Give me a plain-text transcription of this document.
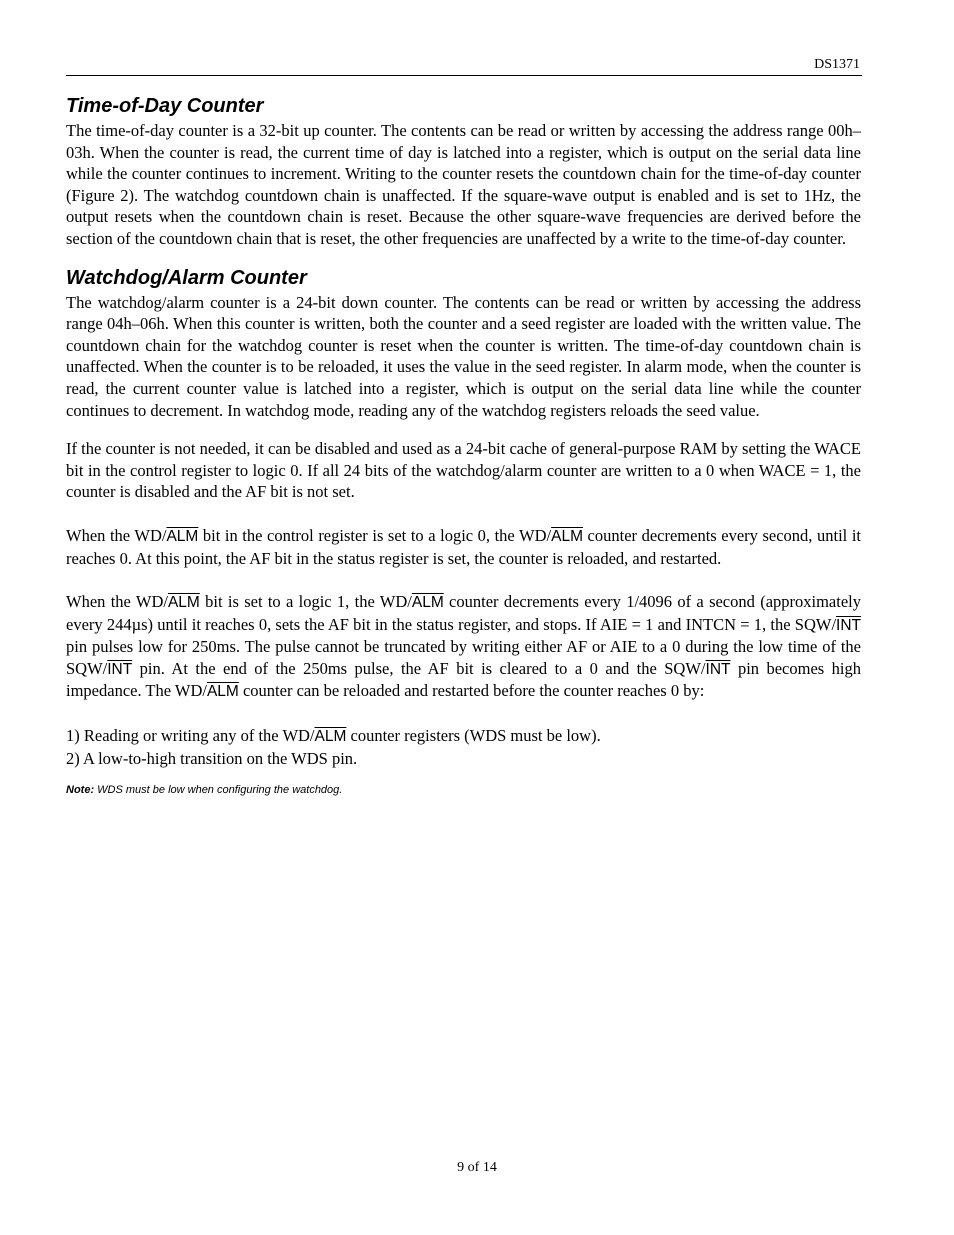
DS1371
Time-of-Day Counter

The time-of-day counter is a 32-bit up counter. The contents can be read or written by accessing the address range 00h–03h. When the counter is read, the current time of day is latched into a register, which is output on the serial data line while the counter continues to increment. Writing to the counter resets the countdown chain for the time-of-day counter (Figure 2). The watchdog countdown chain is unaffected. If the square-wave output is enabled and is set to 1Hz, the output resets when the countdown chain is reset. Because the other square-wave frequencies are derived before the section of the countdown chain that is reset, the other frequencies are unaffected by a write to the time-of-day counter.

Watchdog/Alarm Counter

The watchdog/alarm counter is a 24-bit down counter. The contents can be read or written by accessing the address range 04h–06h. When this counter is written, both the counter and a seed register are loaded with the written value. The countdown chain for the watchdog counter is reset when the counter is written. The time-of-day countdown chain is unaffected. When the counter is to be reloaded, it uses the value in the seed register. In alarm mode, when the counter is read, the current counter value is latched into a register, which is output on the serial data line while the counter continues to decrement. In watchdog mode, reading any of the watchdog registers reloads the seed value.

If the counter is not needed, it can be disabled and used as a 24-bit cache of general-purpose RAM by setting the WACE bit in the control register to logic 0. If all 24 bits of the watchdog/alarm counter are written to a 0 when WACE = 1, the counter is disabled and the AF bit is not set.

When the $WD/\overline{ALM}$ bit in the control register is set to a logic 0, the $WD/\overline{ALM}$ counter decrements every second, until it reaches 0. At this point, the AF bit in the status register is set, the counter is reloaded, and restarted.

When the $WD/\overline{ALM}$ bit is set to a logic 1, the $WD/\overline{ALM}$ counter decrements every 1/4096 of a second (approximately every 244µs) until it reaches 0, sets the AF bit in the status register, and stops. If AIE = 1 and INTCN = 1, the SQW/$\overline{INT}$ pin pulses low for 250ms. The pulse cannot be truncated by writing either AF or AIE to a 0 during the low time of the SQW/$\overline{INT}$ pin. At the end of the 250ms pulse, the AF bit is cleared to a 0 and the SQW/$\overline{INT}$ pin becomes high impedance. The $WD/\overline{ALM}$ counter can be reloaded and restarted before the counter reaches 0 by:

1) Reading or writing any of the $WD/\overline{ALM}$ counter registers (WDS must be low).

2) A low-to-high transition on the WDS pin.

Note: WDS must be low when configuring the watchdog.

9 of 14
